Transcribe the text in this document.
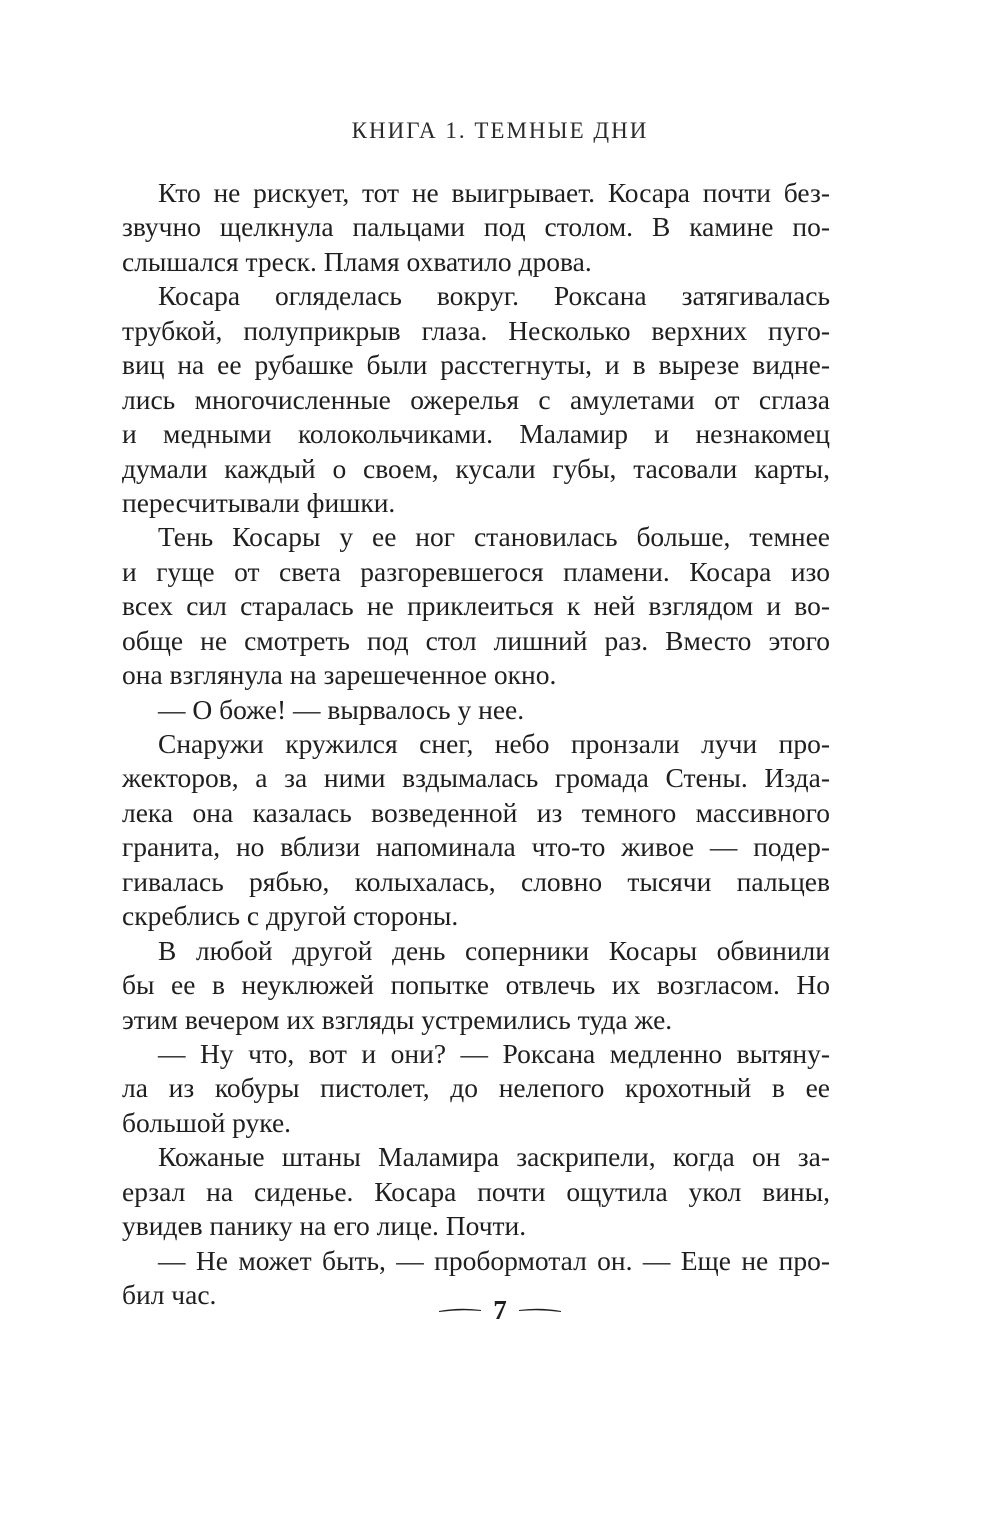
КНИГА 1. ТЕМНЫЕ ДНИ
Кто не рискует, тот не выигрывает. Косара почти без-
звучно щелкнула пальцами под столом. В камине по-
слышался треск. Пламя охватило дрова.
Косара огляделась вокруг. Роксана затягивалась
трубкой, полуприкрыв глаза. Несколько верхних пуго-
виц на ее рубашке были расстегнуты, и в вырезе видне-
лись многочисленные ожерелья с амулетами от сглаза
и медными колокольчиками. Маламир и незнакомец
думали каждый о своем, кусали губы, тасовали карты,
пересчитывали фишки.
Тень Косары у ее ног становилась больше, темнее
и гуще от света разгоревшегося пламени. Косара изо
всех сил старалась не приклеиться к ней взглядом и во-
обще не смотреть под стол лишний раз. Вместо этого
она взглянула на зарешеченное окно.
— О боже! — вырвалось у нее.
Снаружи кружился снег, небо пронзали лучи про-
жекторов, а за ними вздымалась громада Стены. Изда-
лека она казалась возведенной из темного массивного
гранита, но вблизи напоминала что-то живое — подер-
гивалась рябью, колыхалась, словно тысячи пальцев
скреблись с другой стороны.
В любой другой день соперники Косары обвинили
бы ее в неуклюжей попытке отвлечь их возгласом. Но
этим вечером их взгляды устремились туда же.
— Ну что, вот и они? — Роксана медленно вытяну-
ла из кобуры пистолет, до нелепого крохотный в ее
большой руке.
Кожаные штаны Маламира заскрипели, когда он за-
ерзал на сиденье. Косара почти ощутила укол вины,
увидев панику на его лице. Почти.
— Не может быть, — пробормотал он. — Еще не про-
бил час.	7
